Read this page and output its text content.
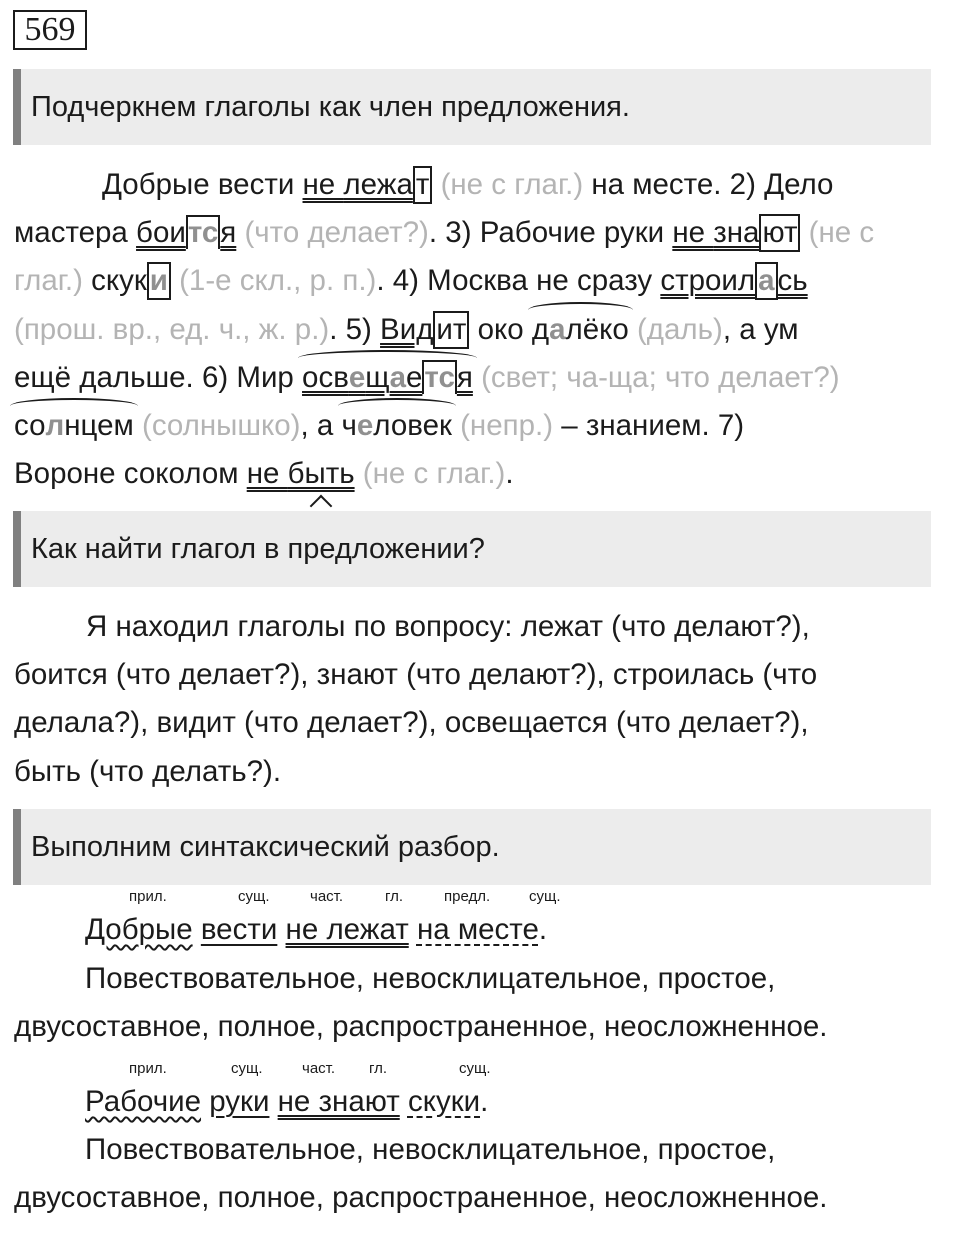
569
Подчеркнем глаголы как член предложения.
Добрые вести не лежа т (не с глаг.) на месте. 2) Дело
мастера боится (что делает?). 3) Рабочие руки не зна ют (не с
глаг.) скук и (1-е скл., р. п.). 4) Москва не сразу строил а сь
(прош. вр., ед. ч., ж. р.). 5) Вид ит око далёко (даль), а ум
ещё дальше. 6) Мир освещается (свет; ча-ща; что делает?)
солнцем (солнышко), а человек (непр.) – знанием. 7)
Вороне соколом не быть (не с глаг.).
Как найти глагол в предложении?
Я находил глаголы по вопросу: лежат (что делают?),
боится (что делает?), знают (что делают?), строилась (что
делала?), видит (что делает?), освещается (что делает?),
быть (что делать?).
Выполним синтаксический разбор.
прил.	сущ.	част.	гл.	предл.	сущ.
Добрые вести не лежат на месте.
Повествовательное, невосклицательное, простое,
двусоставное, полное, распространенное, неосложненное.
прил.	сущ.	част. гл.	сущ.
Рабочие руки не знают скуки.
Повествовательное, невосклицательное, простое,
двусоставное, полное, распространенное, неосложненное.
